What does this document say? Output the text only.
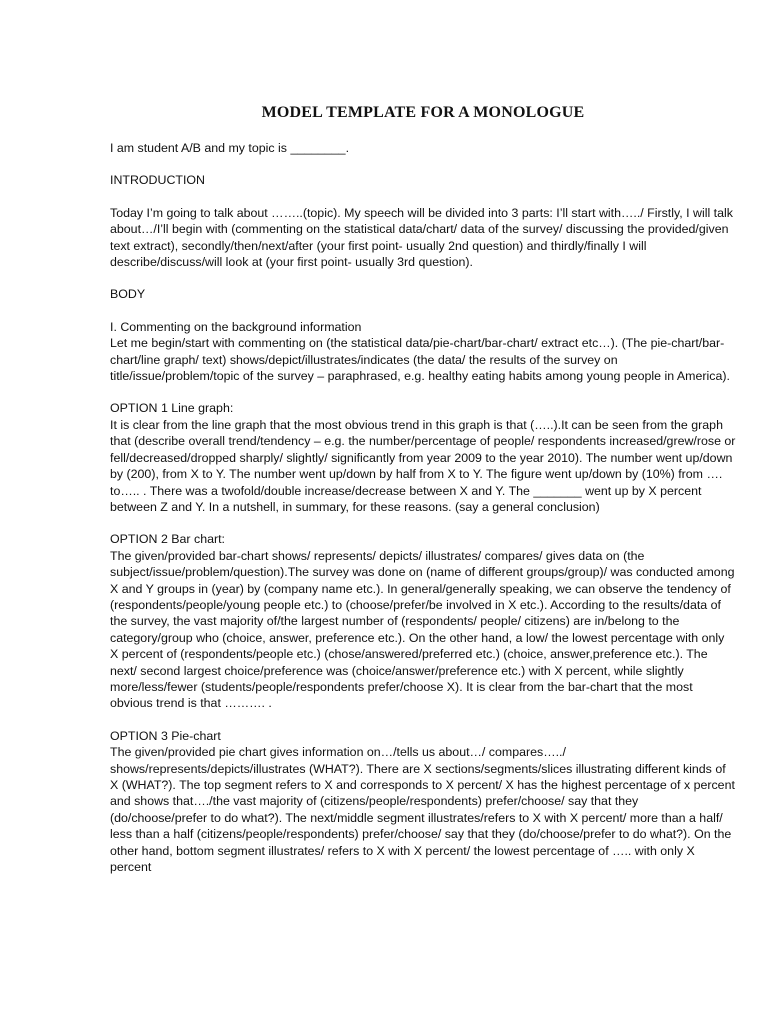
MODEL TEMPLATE FOR A MONOLOGUE

I am student A/B and my topic is ________.

INTRODUCTION

Today I’m going to talk about ……..(topic). My speech will be divided into 3 parts: I’ll start with…../ Firstly, I will talk about…/I’ll begin with (commenting on the statistical data/chart/ data of the survey/ discussing the provided/given text extract), secondly/then/next/after (your first point- usually 2nd question) and thirdly/finally I will describe/discuss/will look at (your first point- usually 3rd question).

BODY

I. Commenting on the background information

Let me begin/start with commenting on (the statistical data/pie-chart/bar-chart/ extract etc…). (The pie-chart/bar-chart/line graph/ text) shows/depict/illustrates/indicates (the data/ the results of the survey on title/issue/problem/topic of the survey – paraphrased, e.g. healthy eating habits among young people in America).

OPTION 1 Line graph:

It is clear from the line graph that the most obvious trend in this graph is that (…..).It can be seen from the graph that (describe overall trend/tendency – e.g. the number/percentage of people/ respondents increased/grew/rose or fell/decreased/dropped sharply/ slightly/ significantly from year 2009 to the year 2010). The number went up/down by (200), from X to Y. The number went up/down by half from X to Y. The figure went up/down by (10%) from …. to….. . There was a twofold/double increase/decrease between X and Y. The _______ went up by X percent between Z and Y. In a nutshell, in summary, for these reasons. (say a general conclusion)

OPTION 2 Bar chart:

The given/provided bar-chart shows/ represents/ depicts/ illustrates/ compares/ gives data on (the subject/issue/problem/question).The survey was done on (name of different groups/group)/ was conducted among X and Y groups in (year) by (company name etc.). In general/generally speaking, we can observe the tendency of (respondents/people/young people etc.) to (choose/prefer/be involved in X etc.). According to the results/data of the survey, the vast majority of/the largest number of (respondents/ people/ citizens) are in/belong to the category/group who (choice, answer, preference etc.). On the other hand, a low/ the lowest percentage with only X percent of (respondents/people etc.) (chose/answered/preferred etc.) (choice, answer,preference etc.). The next/ second largest choice/preference was (choice/answer/preference etc.) with X percent, while slightly more/less/fewer (students/people/respondents prefer/choose X). It is clear from the bar-chart that the most obvious trend is that ………. .

OPTION 3 Pie-chart

The given/provided pie chart gives information on…/tells us about…/ compares…../ shows/represents/depicts/illustrates (WHAT?). There are X sections/segments/slices illustrating different kinds of X (WHAT?). The top segment refers to X and corresponds to X percent/ X has the highest percentage of x percent and shows that…./the vast majority of (citizens/people/respondents) prefer/choose/ say that they (do/choose/prefer to do what?). The next/middle segment illustrates/refers to X with X percent/ more than a half/ less than a half (citizens/people/respondents) prefer/choose/ say that they (do/choose/prefer to do what?). On the other hand, bottom segment illustrates/ refers to X with X percent/ the lowest percentage of ….. with only X percent
